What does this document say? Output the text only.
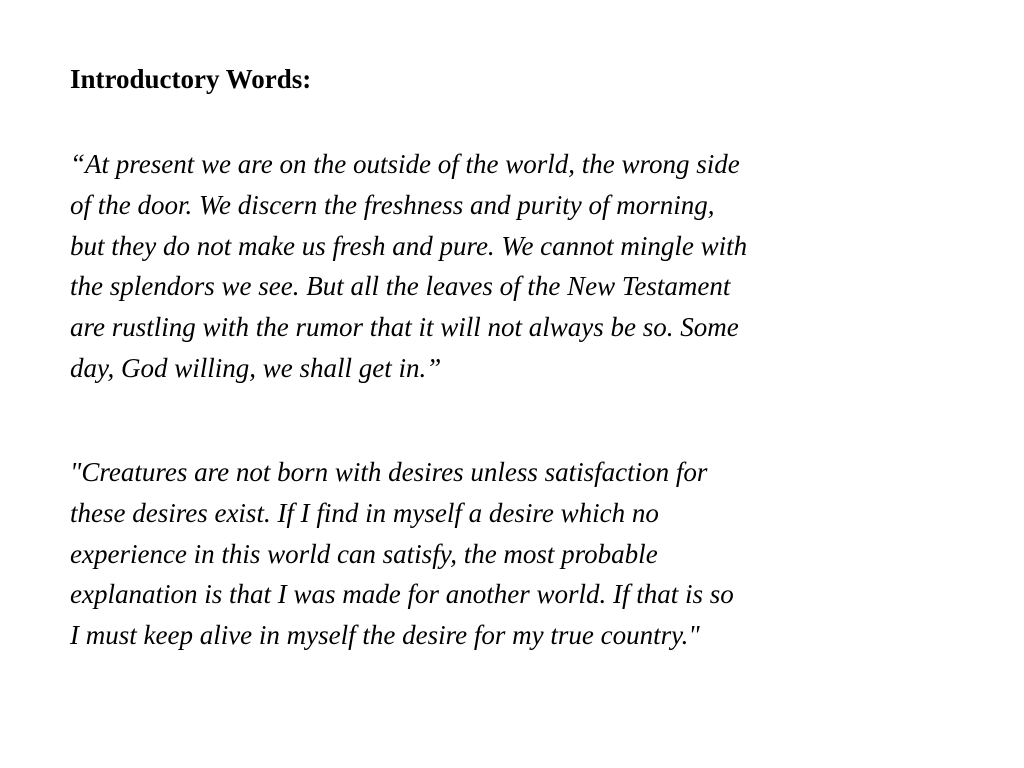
Introductory Words:

“At present we are on the outside of the world, the wrong side
of the door. We discern the freshness and purity of morning,
but they do not make us fresh and pure. We cannot mingle with
the splendors we see. But all the leaves of the New Testament
are rustling with the rumor that it will not always be so. Some
day, God willing, we shall get in.”

"Creatures are not born with desires unless satisfaction for
these desires exist. If I find in myself a desire which no
experience in this world can satisfy, the most probable
explanation is that I was made for another world. If that is so
I must keep alive in myself the desire for my true country."
